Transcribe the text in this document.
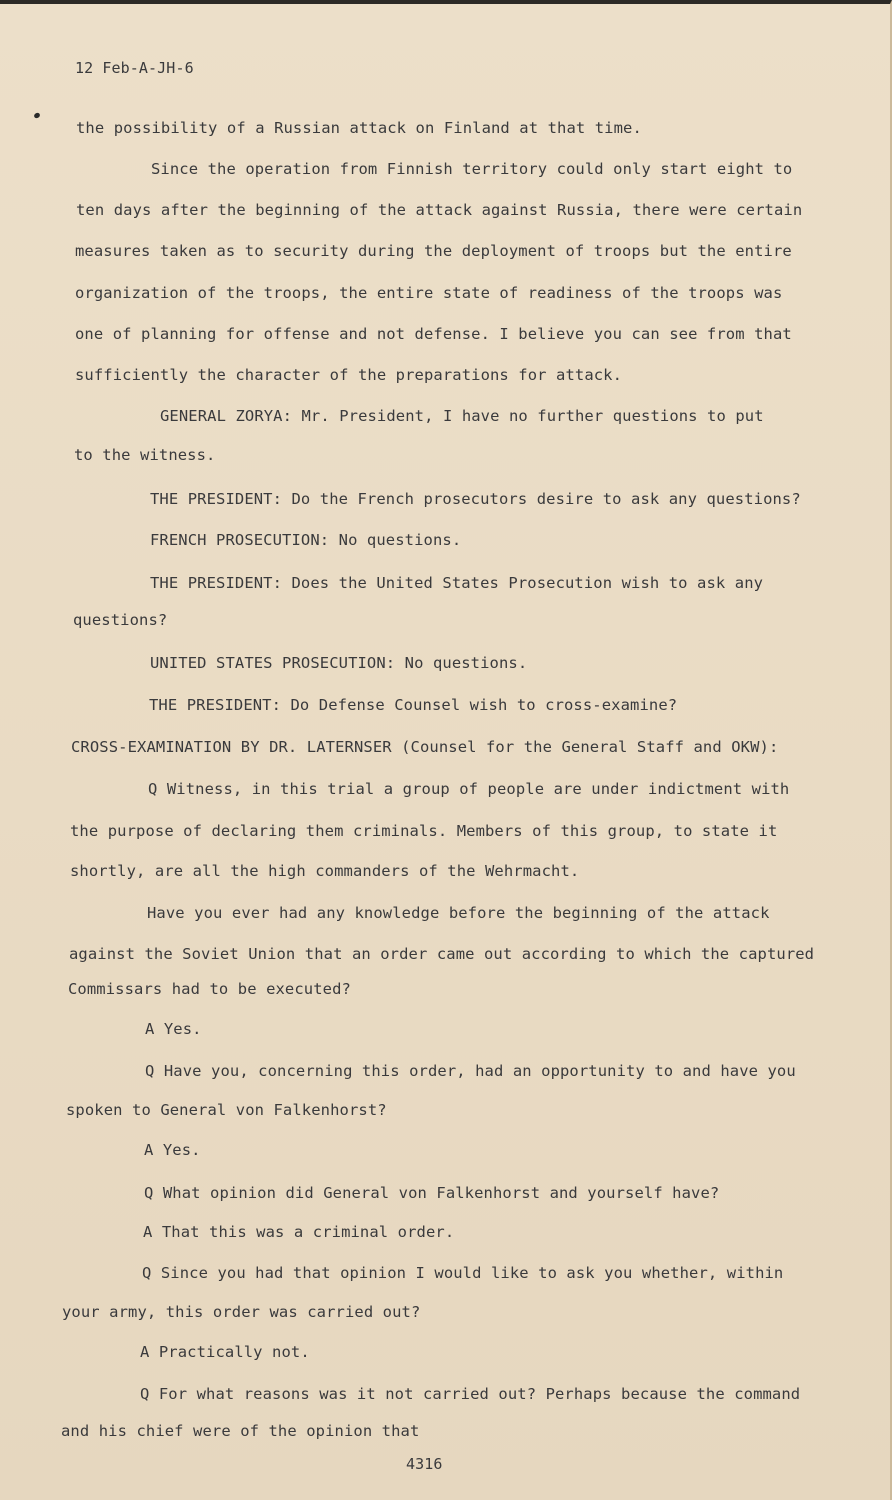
12 Feb-A-JH-6
the possibility of a Russian attack on Finland at that time.
Since the operation from Finnish territory could only start eight to
ten days after the beginning of the attack against Russia, there were certain
measures taken as to security during the deployment of troops but the entire
organization of the troops, the entire state of readiness of the troops was
one of planning for offense and not defense. I believe you can see from that
sufficiently the character of the preparations for attack.
GENERAL ZORYA: Mr. President, I have no further questions to put
to the witness.
THE PRESIDENT: Do the French prosecutors desire to ask any questions?
FRENCH PROSECUTION: No questions.
THE PRESIDENT: Does the United States Prosecution wish to ask any
questions?
UNITED STATES PROSECUTION: No questions.
THE PRESIDENT: Do Defense Counsel wish to cross-examine?
CROSS-EXAMINATION BY DR. LATERNSER (Counsel for the General Staff and OKW):
Q Witness, in this trial a group of people are under indictment with
the purpose of declaring them criminals. Members of this group, to state it
shortly, are all the high commanders of the Wehrmacht.
Have you ever had any knowledge before the beginning of the attack
against the Soviet Union that an order came out according to which the captured
Commissars had to be executed?
A Yes.
Q Have you, concerning this order, had an opportunity to and have you
spoken to General von Falkenhorst?
A Yes.
Q What opinion did General von Falkenhorst and yourself have?
A That this was a criminal order.
Q Since you had that opinion I would like to ask you whether, within
your army, this order was carried out?
A Practically not.
Q For what reasons was it not carried out? Perhaps because the command
and his chief were of the opinion that
4316
